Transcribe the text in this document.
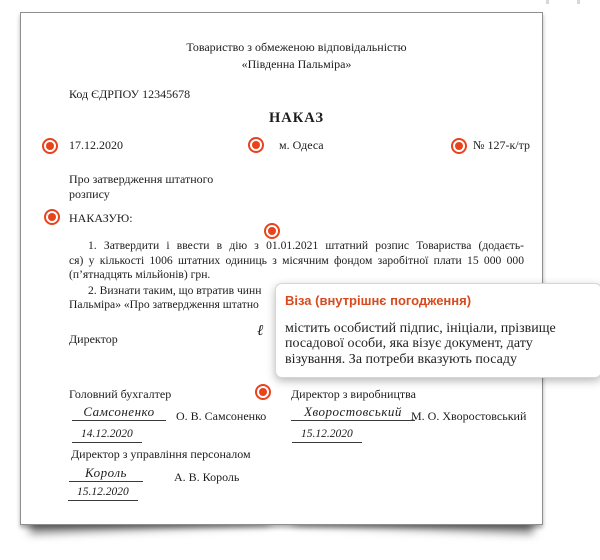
Товариство з обмеженою відповідальністю
«Південна Пальміра»
Код ЄДРПОУ 12345678
НАКАЗ
17.12.2020	м. Одеса	№ 127-к/тр
Про затвердження штатного
розпису
НАКАЗУЮ:
1. Затвердити і ввести в дію з 01.01.2021 штатний розпис Товариства (додаєть-
ся) у кількості 1006 штатних одиниць з місячним фондом заробітної плати 15 000 000
(п’ятнадцять мільйонів) грн.
2. Визнати таким, що втратив чинн
Пальміра» «Про затвердження штатно
Директор	ℓ
Головний бухгалтер
Самсоненко	О. В. Самсоненко
14.12.2020
Директор з виробництва
Хворостовський М. О. Хворостовський
15.12.2020
Директор з управління персоналом
Король	А. В. Король
15.12.2020
Віза (внутрішнє погодження)
містить особистий підпис, ініціали, прізвище
посадової особи, яка візує документ, дату
візування. За потреби вказують посаду
